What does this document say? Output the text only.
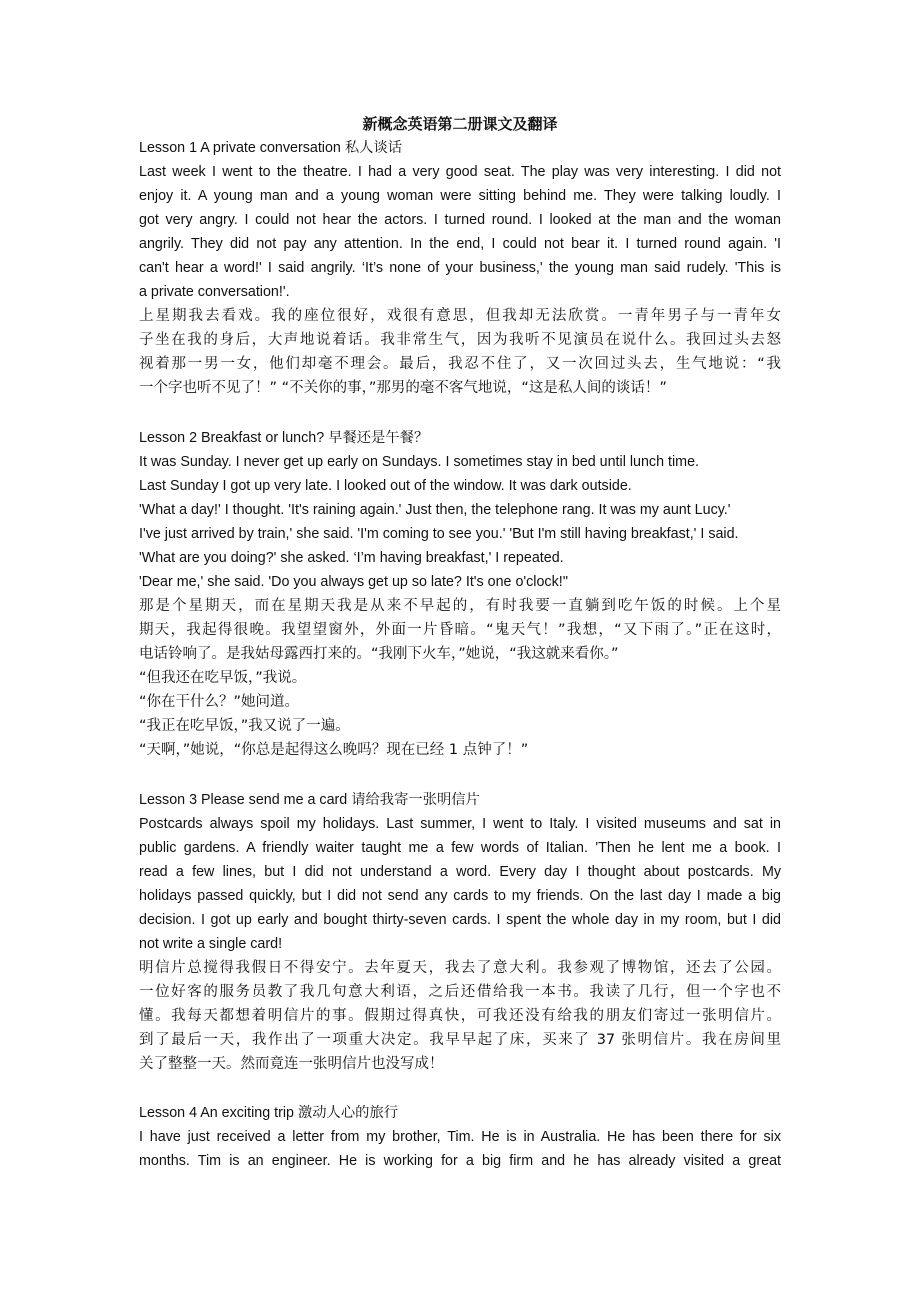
新概念英语第二册课文及翻译
Lesson 1 A private conversation 私人谈话
Last week I went to the theatre. I had a very good seat. The play was very interesting. I did not
enjoy it. A young man and a young woman were sitting behind me. They were talking loudly. I
got very angry. I could not hear the actors. I turned round. I looked at the man and the woman
angrily. They did not pay any attention. In the end, I could not bear it. I turned round again. 'I
can't hear a word!' I said angrily. ‘It’s none of your business,' the young man said rudely. 'This is
a private conversation!'.
上星期我去看戏。我的座位很好，戏很有意思，但我却无法欣赏。一青年男子与一青年女
子坐在我的身后，大声地说着话。我非常生气，因为我听不见演员在说什么。我回过头去怒
视着那一男一女，他们却毫不理会。最后，我忍不住了，又一次回过头去，生气地说：“我
一个字也听不见了！” “不关你的事，”那男的毫不客气地说，“这是私人间的谈话！”
Lesson 2 Breakfast or lunch? 早餐还是午餐？
It was Sunday. I never get up early on Sundays. I sometimes stay in bed until lunch time.
Last Sunday I got up very late. I looked out of the window. It was dark outside.
'What a day!' I thought. 'It's raining again.' Just then, the telephone rang. It was my aunt Lucy.'
I've just arrived by train,' she said. 'I'm coming to see you.' 'But I'm still having breakfast,' I said.
'What are you doing?' she asked. ‘I’m having breakfast,' I repeated.
'Dear me,' she said. 'Do you always get up so late? It's one o'clock!''
那是个星期天，而在星期天我是从来不早起的，有时我要一直躺到吃午饭的时候。上个星
期天，我起得很晚。我望望窗外，外面一片昏暗。“鬼天气！”我想，“又下雨了。”正在这时，
电话铃响了。是我姑母露西打来的。“我刚下火车，”她说，“我这就来看你。”
“但我还在吃早饭，”我说。
“你在干什么？”她问道。
“我正在吃早饭，”我又说了一遍。
“天啊，”她说，“你总是起得这么晚吗？现在已经 1 点钟了！”
Lesson 3 Please send me a card 请给我寄一张明信片
Postcards always spoil my holidays. Last summer, I went to Italy. I visited museums and sat in
public gardens. A friendly waiter taught me a few words of Italian. 'Then he lent me a book. I
read a few lines, but I did not understand a word. Every day I thought about postcards. My
holidays passed quickly, but I did not send any cards to my friends. On the last day I made a big
decision. I got up early and bought thirty-seven cards. I spent the whole day in my room, but I did
not write a single card!
明信片总搅得我假日不得安宁。去年夏天，我去了意大利。我参观了博物馆，还去了公园。
一位好客的服务员教了我几句意大利语，之后还借给我一本书。我读了几行，但一个字也不
懂。我每天都想着明信片的事。假期过得真快，可我还没有给我的朋友们寄过一张明信片。
到了最后一天，我作出了一项重大决定。我早早起了床，买来了 37 张明信片。我在房间里
关了整整一天。然而竟连一张明信片也没写成！
Lesson 4 An exciting trip 激动人心的旅行
I have just received a letter from my brother, Tim. He is in Australia. He has been there for six
months. Tim is an engineer. He is working for a big firm and he has already visited a great
